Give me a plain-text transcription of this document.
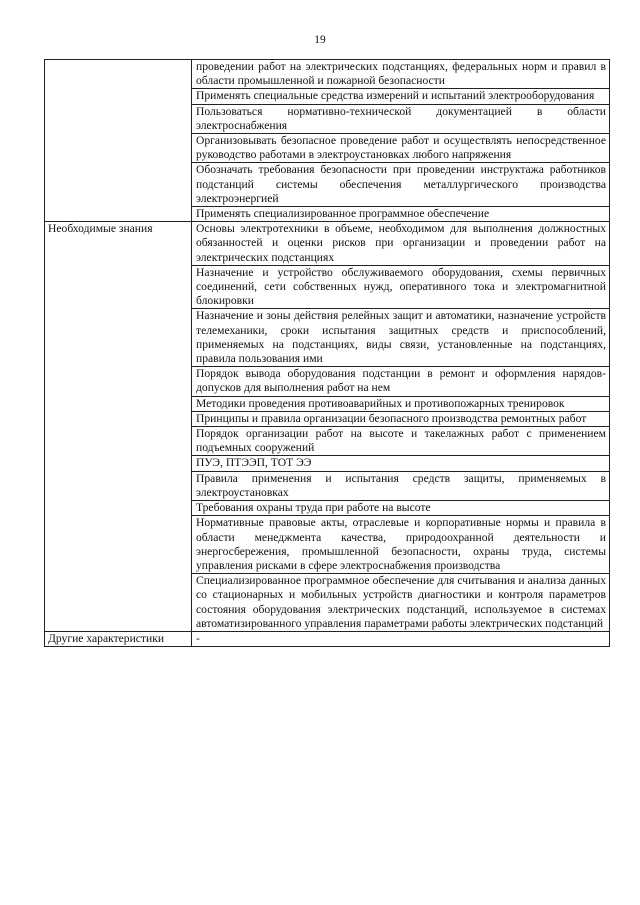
19
	проведении работ на электрических подстанциях, федеральных норм и правил в области промышленной и пожарной безопасности
	Применять специальные средства измерений и испытаний электрооборудования
	Пользоваться нормативно-технической документацией в области электроснабжения
	Организовывать безопасное проведение работ и осуществлять непосредственное руководство работами в электроустановках любого напряжения
	Обозначать требования безопасности при проведении инструктажа работников подстанций системы обеспечения металлургического производства электроэнергией
	Применять специализированное программное обеспечение
Необходимые знания	Основы электротехники в объеме, необходимом для выполнения должностных обязанностей и оценки рисков при организации и проведении работ на электрических подстанциях
	Назначение и устройство обслуживаемого оборудования, схемы первичных соединений, сети собственных нужд, оперативного тока и электромагнитной блокировки
	Назначение и зоны действия релейных защит и автоматики, назначение устройств телемеханики, сроки испытания защитных средств и приспособлений, применяемых на подстанциях, виды связи, установленные на подстанциях, правила пользования ими
	Порядок вывода оборудования подстанции в ремонт и оформления нарядов-допусков для выполнения работ на нем
	Методики проведения противоаварийных и противопожарных тренировок
	Принципы и правила организации безопасного производства ремонтных работ
	Порядок организации работ на высоте и такелажных работ с применением подъемных сооружений
	ПУЭ, ПТЭЭП, ТОТ ЭЭ
	Правила применения и испытания средств защиты, применяемых в электроустановках
	Требования охраны труда при работе на высоте
	Нормативные правовые акты, отраслевые и корпоративные нормы и правила в области менеджмента качества, природоохранной деятельности и энергосбережения, промышленной безопасности, охраны труда, системы управления рисками в сфере электроснабжения производства
	Специализированное программное обеспечение для считывания и анализа данных со стационарных и мобильных устройств диагностики и контроля параметров состояния оборудования электрических подстанций, используемое в системах автоматизированного управления параметрами работы электрических подстанций
Другие характеристики	-
